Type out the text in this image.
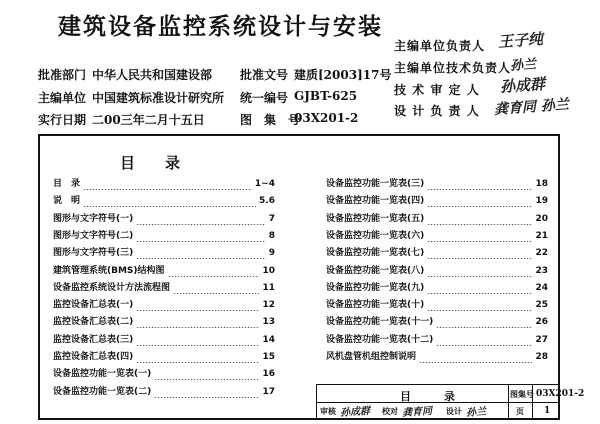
建筑设备监控系统设计与安装
批准部门 中华人民共和国建设部 批准文号 建质[2003]17号
主编单位 中国建筑标准设计研究所 统一编号 GJBT-625
实行日期 二00三年二月十五日	图　集　号
03X201-2
主编单位负责人 王子纯
主编单位技术负责人
孙兰
技 术 审 定 人 孙成群
设 计 负 责 人 龚育同 孙兰
目　　录
目　录	1~4
说　明	5.6
图形与文字符号(一)	7
图形与文字符号(二)	8
图形与文字符号(三)	9
建筑管理系统(BMS)结构图	10
设备监控系统设计方法流程图	11
监控设备汇总表(一)	12
监控设备汇总表(二)	13
监控设备汇总表(三)	14
监控设备汇总表(四)	15
设备监控功能一览表(一)	16
设备监控功能一览表(二)	17
设备监控功能一览表(三)	18
设备监控功能一览表(四)	19
设备监控功能一览表(五)	20
设备监控功能一览表(六)	21
设备监控功能一览表(七)	22
设备监控功能一览表(八)	23
设备监控功能一览表(九)	24
设备监控功能一览表(十)	25
设备监控功能一览表(十一)	26
设备监控功能一览表(十二)	27
风机盘管机组控制说明	28
目　　　录	图集号 03X201-2
审核 孙成群 校对 龚育同 设计 孙兰	页 1
